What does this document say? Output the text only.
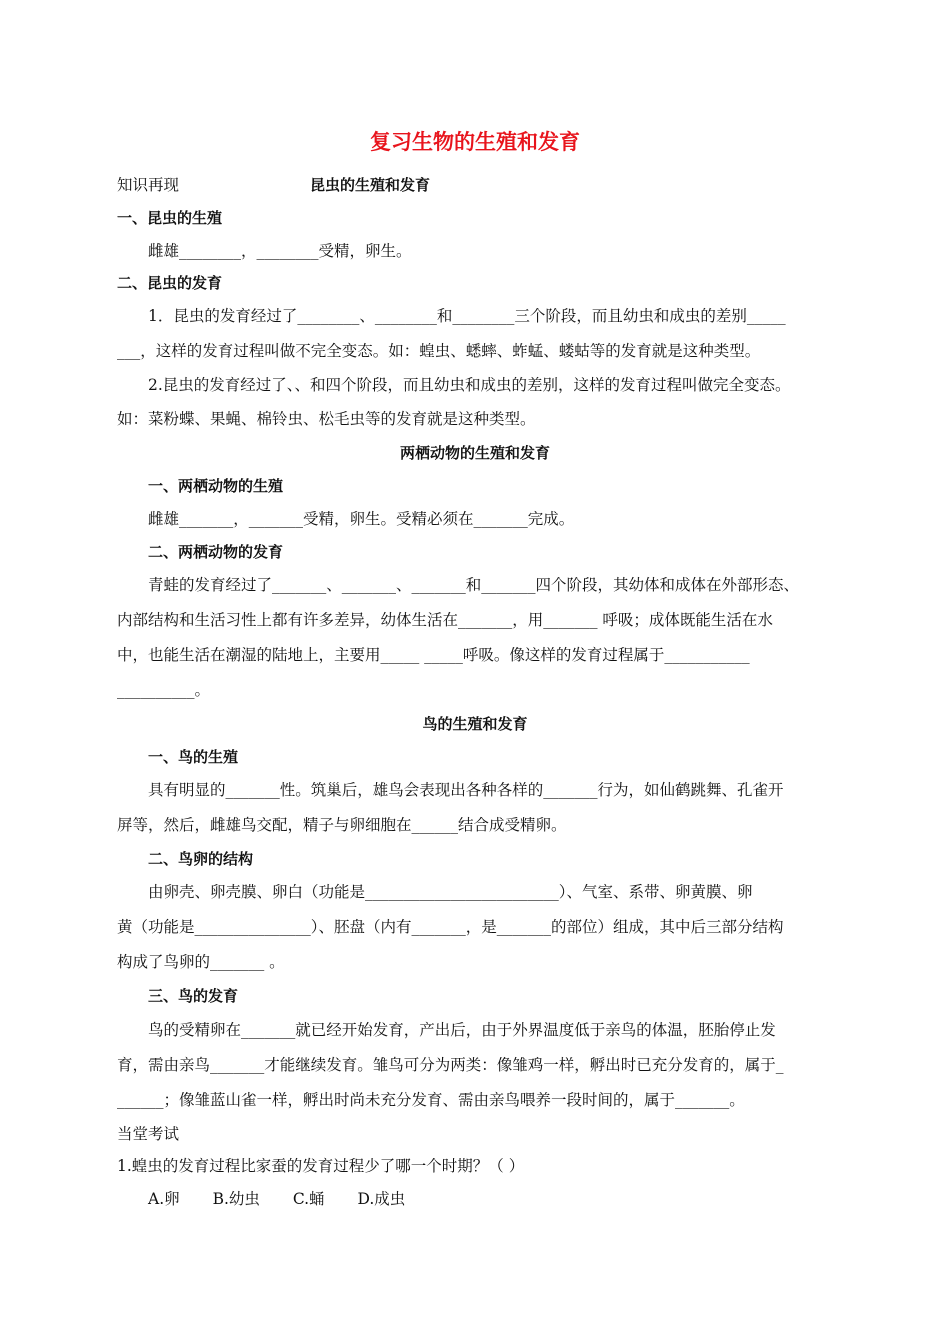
复习生物的生殖和发育
知识再现	昆虫的生殖和发育
一、昆虫的生殖
雌雄________，________受精，卵生。
二、昆虫的发育
1．昆虫的发育经过了________、________和________三个阶段，而且幼虫和成虫的差别_____
___，这样的发育过程叫做不完全变态。如：蝗虫、蟋蟀、蚱蜢、蝼蛄等的发育就是这种类型。
2.昆虫的发育经过了、、和四个阶段，而且幼虫和成虫的差别，这样的发育过程叫做完全变态。
如：菜粉蝶、果蝇、棉铃虫、松毛虫等的发育就是这种类型。
两栖动物的生殖和发育
一、两栖动物的生殖
雌雄_______，_______受精，卵生。受精必须在_______完成。
二、两栖动物的发育
青蛙的发育经过了_______、_______、_______和_______四个阶段，其幼体和成体在外部形态、
内部结构和生活习性上都有许多差异，幼体生活在_______，用_______ 呼吸；成体既能生活在水
中，也能生活在潮湿的陆地上，主要用_____ _____呼吸。像这样的发育过程属于___________
__________。
鸟的生殖和发育
一、鸟的生殖
具有明显的_______性。筑巢后，雄鸟会表现出各种各样的_______行为，如仙鹤跳舞、孔雀开
屏等，然后，雌雄鸟交配，精子与卵细胞在______结合成受精卵。
二、鸟卵的结构
由卵壳、卵壳膜、卵白（功能是_________________________）、气室、系带、卵黄膜、卵
黄（功能是_______________）、胚盘（内有_______，是_______的部位）组成，其中后三部分结构
构成了鸟卵的_______ 。
三、鸟的发育
鸟的受精卵在_______就已经开始发育，产出后，由于外界温度低于亲鸟的体温，胚胎停止发
育，需由亲鸟_______才能继续发育。雏鸟可分为两类：像雏鸡一样，孵出时已充分发育的，属于_
______；像雏蓝山雀一样，孵出时尚未充分发育、需由亲鸟喂养一段时间的，属于_______。
当堂考试
1.蝗虫的发育过程比家蚕的发育过程少了哪一个时期？（ ）
A.卵 B.幼虫 C.蛹 D.成虫
